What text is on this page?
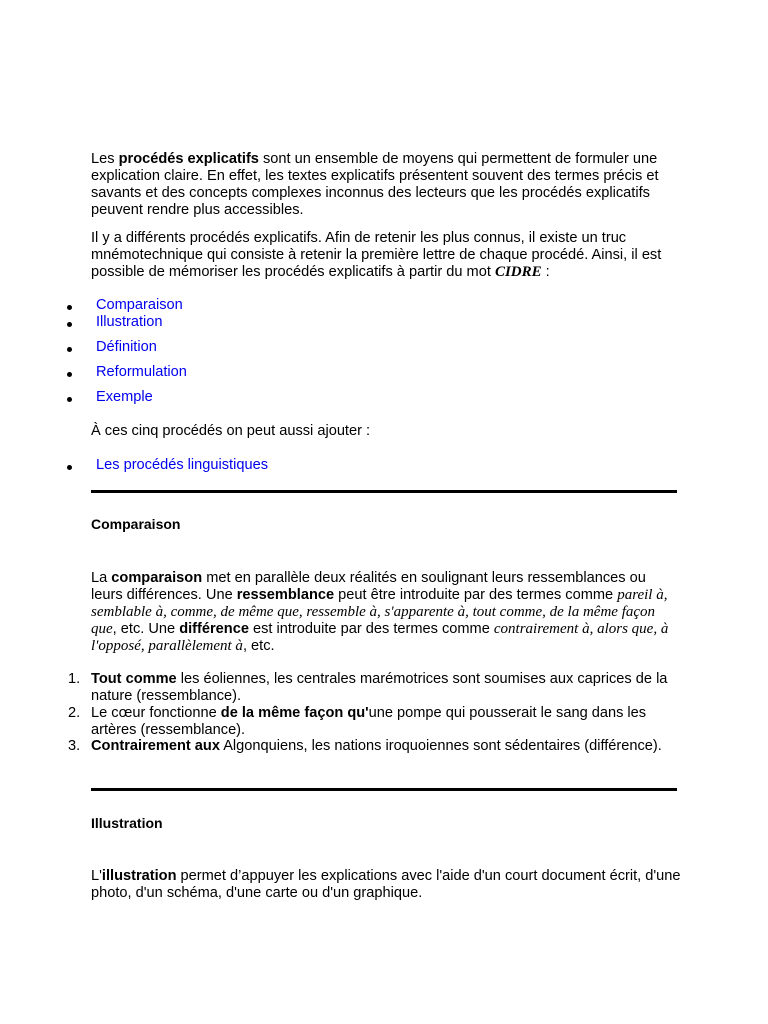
Les procédés explicatifs sont un ensemble de moyens qui permettent de formuler une explication claire. En effet, les textes explicatifs présentent souvent des termes précis et savants et des concepts complexes inconnus des lecteurs que les procédés explicatifs peuvent rendre plus accessibles.

Il y a différents procédés explicatifs. Afin de retenir les plus connus, il existe un truc mnémotechnique qui consiste à retenir la première lettre de chaque procédé. Ainsi, il est possible de mémoriser les procédés explicatifs à partir du mot CIDRE :

Comparaison
Illustration
Définition
Reformulation
Exemple

À ces cinq procédés on peut aussi ajouter :

Les procédés linguistiques
Comparaison

La comparaison met en parallèle deux réalités en soulignant leurs ressemblances ou leurs différences. Une ressemblance peut être introduite par des termes comme pareil à, semblable à, comme, de même que, ressemble à, s'apparente à, tout comme, de la même façon que, etc. Une différence est introduite par des termes comme contrairement à, alors que, à l'opposé, parallèlement à, etc.

1. Tout comme les éoliennes, les centrales marémotrices sont soumises aux caprices de la nature (ressemblance).

2. Le cœur fonctionne de la même façon qu'une pompe qui pousserait le sang dans les artères (ressemblance).

3. Contrairement aux Algonquiens, les nations iroquoiennes sont sédentaires (différence).

Illustration

L'illustration permet d’appuyer les explications avec l'aide d'un court document écrit, d'une photo, d'un schéma, d'une carte ou d'un graphique.
